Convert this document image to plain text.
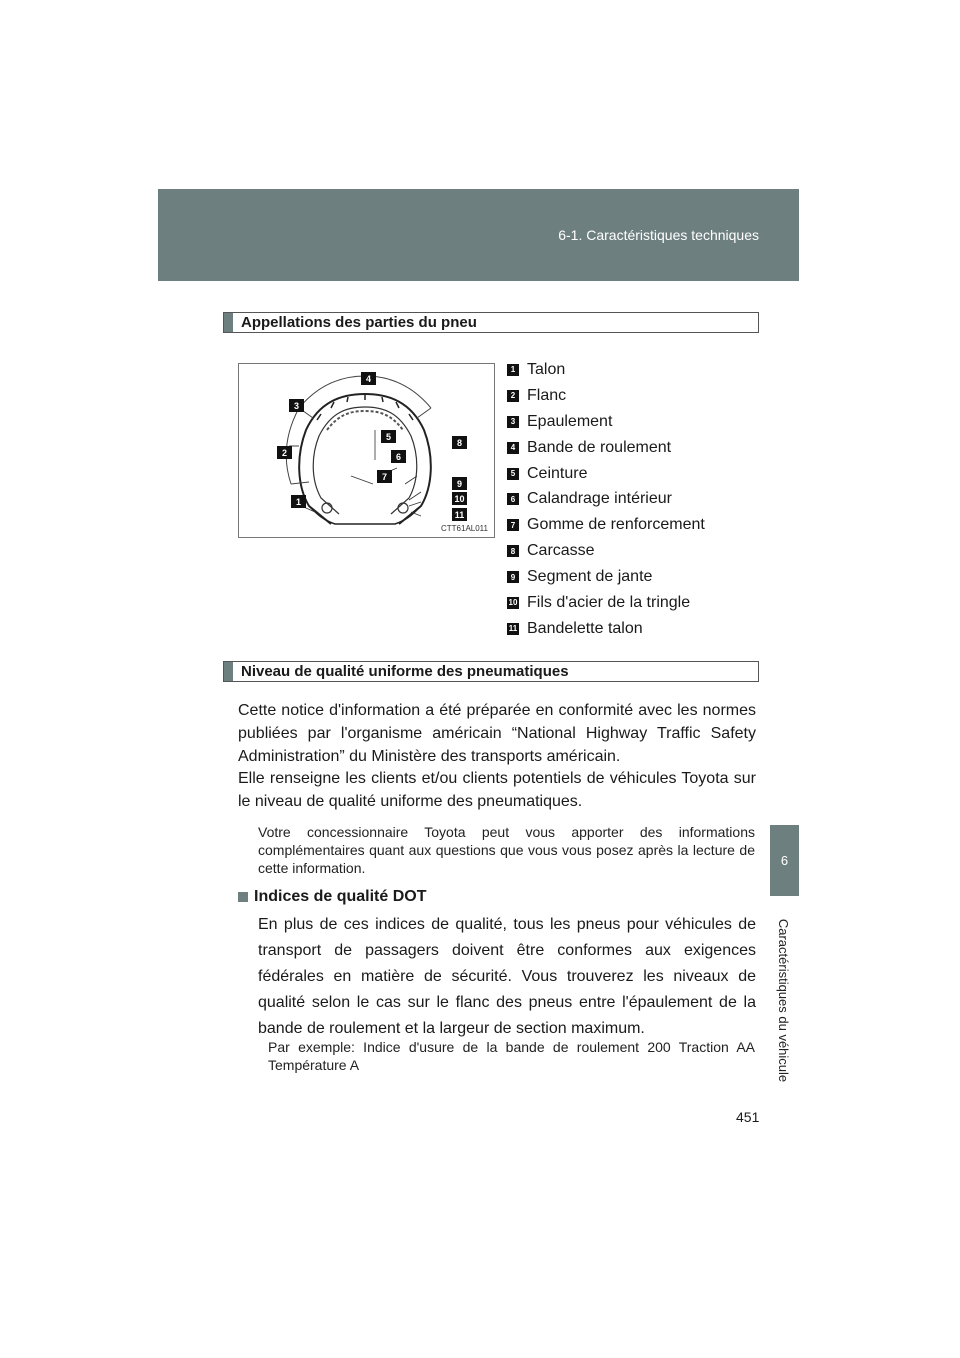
6-1. Caractéristiques techniques
6
Caractéristiques du véhicule
Appellations des parties du pneu
4
3
5
8
2	6
7
9
10
1
11
CTT61AL011
1 Talon
2 Flanc
3 Epaulement
4 Bande de roulement
5 Ceinture
6 Calandrage intérieur
7 Gomme de renforcement
8 Carcasse
9 Segment de jante
10 Fils d'acier de la tringle
11 Bandelette talon
Niveau de qualité uniforme des pneumatiques

Cette notice d'information a été préparée en conformité avec les normes publiées par l'organisme américain “National Highway Traffic Safety Administration” du Ministère des transports américain.

Elle renseigne les clients et/ou clients potentiels de véhicules Toyota sur le niveau de qualité uniforme des pneumatiques.

Votre concessionnaire Toyota peut vous apporter des informations complémentaires quant aux questions que vous vous posez après la lecture de cette information.

Indices de qualité DOT

En plus de ces indices de qualité, tous les pneus pour véhicules de transport de passagers doivent être conformes aux exigences fédérales en matière de sécurité. Vous trouverez les niveaux de qualité selon le cas sur le flanc des pneus entre l'épaulement de la bande de roulement et la largeur de section maximum.

Par exemple: Indice d'usure de la bande de roulement 200 Traction AA Température A

451
